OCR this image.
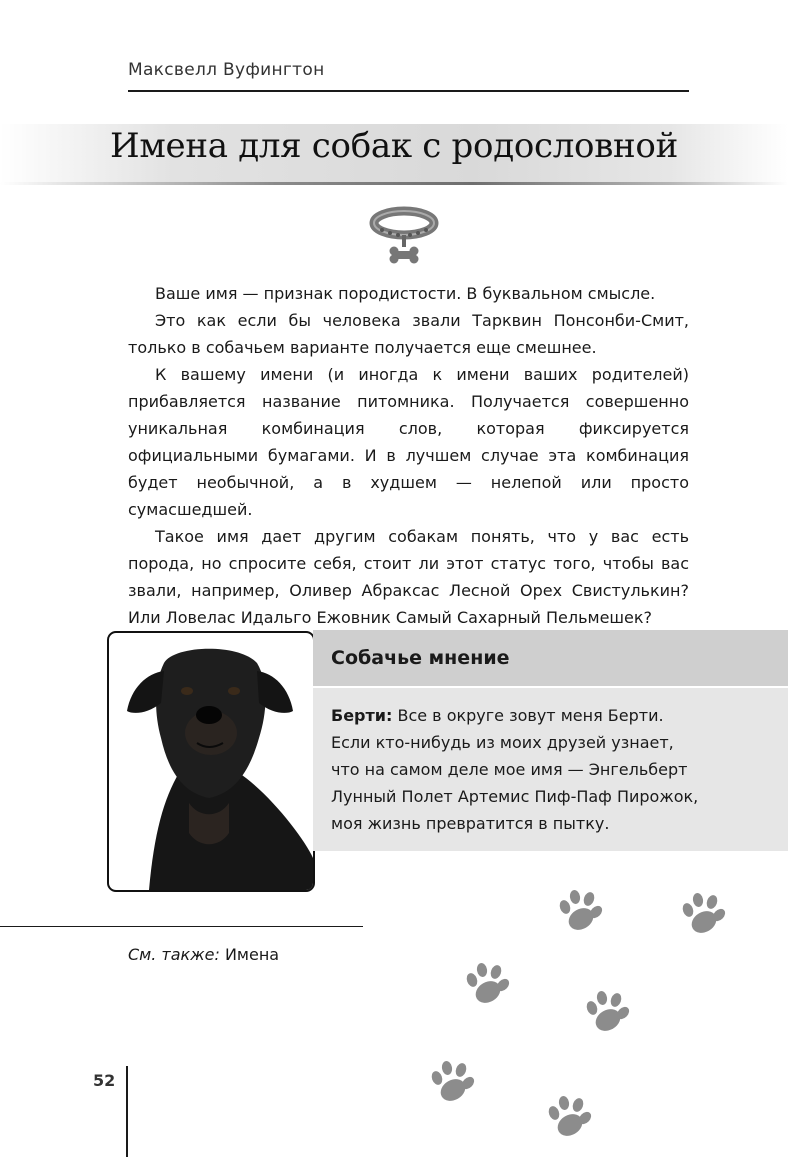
Максвелл Вуфингтон
Имена для собак с родословной

Ваше имя — признак породистости. В буквальном смысле.

Это как если бы человека звали Тарквин Понсонби-Смит, только в собачьем варианте получается еще смешнее.

К вашему имени (и иногда к имени ваших родителей) прибавляется название питомника. Получается совершенно уникальная комбинация слов, которая фиксируется официальными бумагами. И в лучшем случае эта комбинация будет необычной, а в худшем — нелепой или просто сумасшедшей.

Такое имя дает другим собакам понять, что у вас есть порода, но спросите себя, стоит ли этот статус того, чтобы вас звали, например, Оливер Абраксас Лесной Орех Свистулькин? Или Ловелас Идальго Ежовник Самый Сахарный Пельмешек?

Собачье мнение
Берти: Все в округе зовут меня Берти. Если кто-нибудь из моих друзей узнает, что на самом деле мое имя — Энгельберт Лунный Полет Артемис Пиф-Паф Пирожок, моя жизнь превратится в пытку.
См. также: Имена
52
